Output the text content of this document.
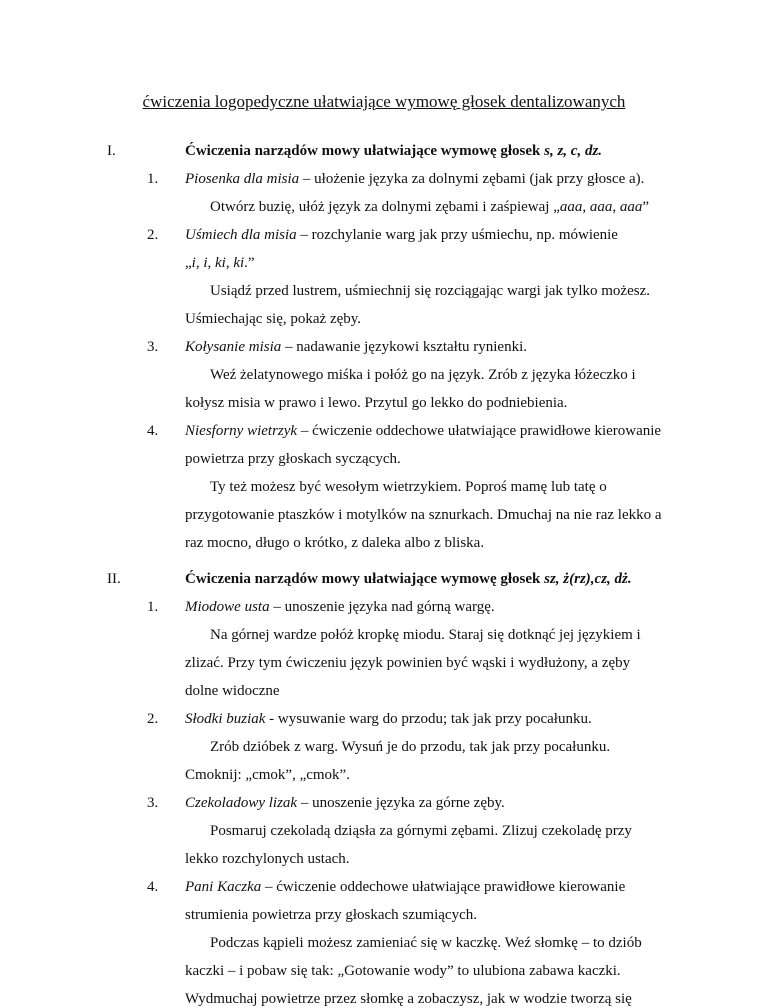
ćwiczenia logopedyczne ułatwiające wymowę głosek dentalizowanych
I.	Ćwiczenia narządów mowy ułatwiające wymowę głosek s, z, c, dz.
1. Piosenka dla misia – ułożenie języka za dolnymi zębami (jak przy głosce a).
Otwórz buzię, ułóż język za dolnymi zębami i zaśpiewaj „aaa, aaa, aaa”
2. Uśmiech dla misia – rozchylanie warg jak przy uśmiechu, np. mówienie
„i, i, ki, ki.”
Usiądź przed lustrem, uśmiechnij się rozciągając wargi jak tylko możesz.
Uśmiechając się, pokaż zęby.
3. Kołysanie misia – nadawanie językowi kształtu rynienki.
Weź żelatynowego miśka i połóż go na język. Zrób z języka łóżeczko i
kołysz misia w prawo i lewo. Przytul go lekko do podniebienia.
4. Niesforny wietrzyk – ćwiczenie oddechowe ułatwiające prawidłowe kierowanie
powietrza przy głoskach syczących.
Ty też możesz być wesołym wietrzykiem. Poproś mamę lub tatę o
przygotowanie ptaszków i motylków na sznurkach. Dmuchaj na nie raz lekko a
raz mocno, długo o krótko, z daleka albo z bliska.
II.	Ćwiczenia narządów mowy ułatwiające wymowę głosek sz, ż(rz),cz, dż.
1. Miodowe usta – unoszenie języka nad górną wargę.
Na górnej wardze połóż kropkę miodu. Staraj się dotknąć jej językiem i
zlizać. Przy tym ćwiczeniu język powinien być wąski i wydłużony, a zęby
dolne widoczne
2. Słodki buziak - wysuwanie warg do przodu; tak jak przy pocałunku.
Zrób dzióbek z warg. Wysuń je do przodu, tak jak przy pocałunku.
Cmoknij: „cmok”, „cmok”.
3. Czekoladowy lizak – unoszenie języka za górne zęby.
Posmaruj czekoladą dziąsła za górnymi zębami. Zlizuj czekoladę przy
lekko rozchylonych ustach.
4. Pani Kaczka – ćwiczenie oddechowe ułatwiające prawidłowe kierowanie
strumienia powietrza przy głoskach szumiących.
Podczas kąpieli możesz zamieniać się w kaczkę. Weź słomkę – to dziób
kaczki – i pobaw się tak: „Gotowanie wody” to ulubiona zabawa kaczki.
Wydmuchaj powietrze przez słomkę a zobaczysz, jak w wodzie tworzą się
